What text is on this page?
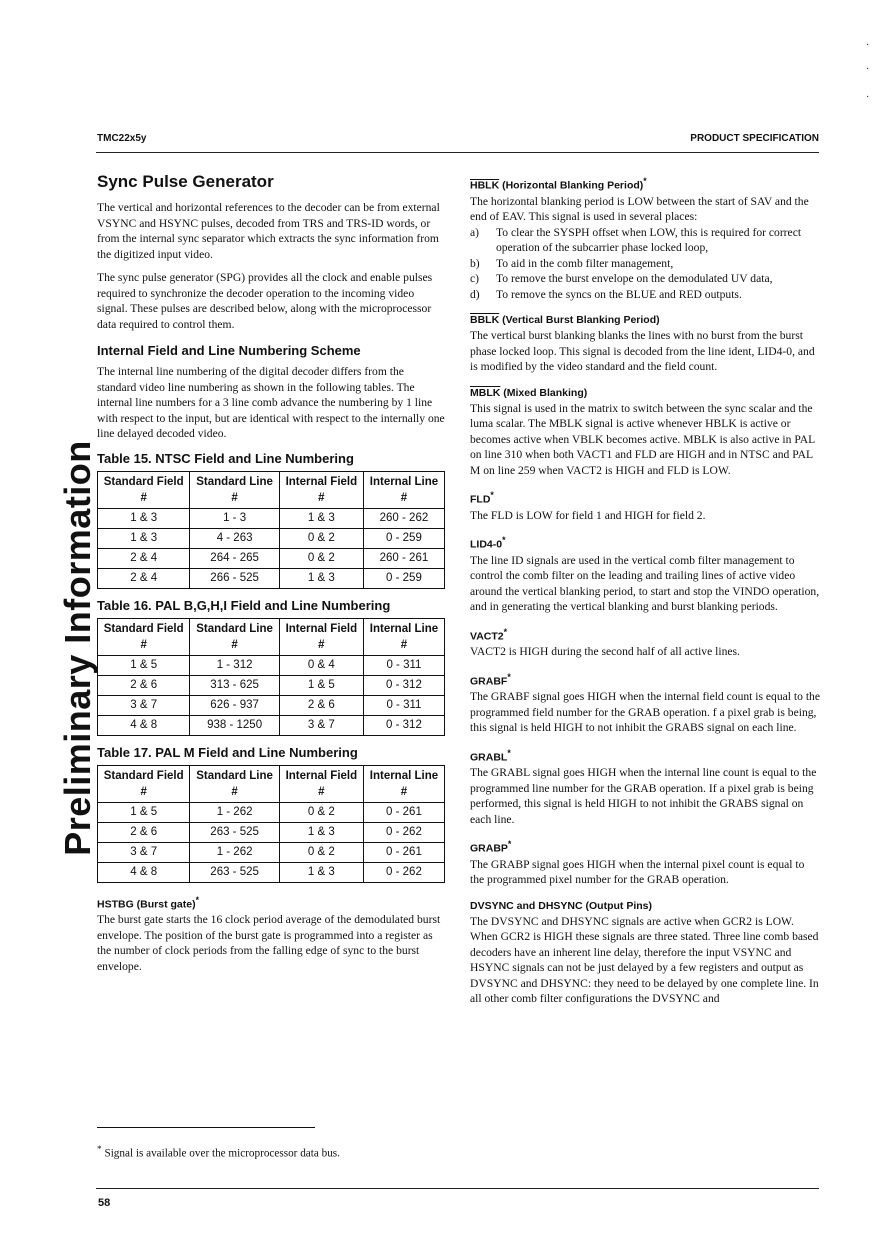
·
·
·
TMC22x5y	PRODUCT SPECIFICATION
Preliminary Information
Sync Pulse Generator

The vertical and horizontal references to the decoder can be from external VSYNC and HSYNC pulses, decoded from TRS and TRS-ID words, or from the internal sync separator which extracts the sync information from the digitized input video.

The sync pulse generator (SPG) provides all the clock and enable pulses required to synchronize the decoder operation to the incoming video signal. These pulses are described below, along with the microprocessor data required to control them.

Internal Field and Line Numbering Scheme

The internal line numbering of the digital decoder differs from the standard video line numbering as shown in the following tables. The internal line numbers for a 3 line comb advance the numbering by 1 line with respect to the input, but are identical with respect to the internally one line delayed decoded video.

Table 15. NTSC Field and Line Numbering
Standard Field #	Standard Line #	Internal Field #	Internal Line #
1 & 3	1 - 3	1 & 3	260 - 262
1 & 3	4 - 263	0 & 2	0 - 259
2 & 4	264 - 265	0 & 2	260 - 261
2 & 4	266 - 525	1 & 3	0 - 259
Table 16. PAL B,G,H,I Field and Line Numbering
Standard Field #	Standard Line #	Internal Field #	Internal Line #
1 & 5	1 - 312	0 & 4	0 - 311
2 & 6	313 - 625	1 & 5	0 - 312
3 & 7	626 - 937	2 & 6	0 - 311
4 & 8	938 - 1250	3 & 7	0 - 312
Table 17. PAL M Field and Line Numbering
Standard Field #	Standard Line #	Internal Field #	Internal Line #
1 & 5	1 - 262	0 & 2	0 - 261
2 & 6	263 - 525	1 & 3	0 - 262
3 & 7	1 - 262	0 & 2	0 - 261
4 & 8	263 - 525	1 & 3	0 - 262
HSTBG (Burst gate)*

The burst gate starts the 16 clock period average of the demodulated burst envelope. The position of the burst gate is programmed into a register as the number of clock periods from the falling edge of sync to the burst envelope.

* Signal is available over the microprocessor data bus.
HBLK (Horizontal Blanking Period)*

The horizontal blanking period is LOW between the start of SAV and the end of EAV. This signal is used in several places:

a) To clear the SYSPH offset when LOW, this is required for correct operation of the subcarrier phase locked loop,
b) To aid in the comb filter management,
c) To remove the burst envelope on the demodulated UV data,
d) To remove the syncs on the BLUE and RED outputs.
BBLK (Vertical Burst Blanking Period)

The vertical burst blanking blanks the lines with no burst from the burst phase locked loop. This signal is decoded from the line ident, LID4-0, and is modified by the video standard and the field count.

MBLK (Mixed Blanking)

This signal is used in the matrix to switch between the sync scalar and the luma scalar. The MBLK signal is active whenever HBLK is active or becomes active when VBLK becomes active. MBLK is also active in PAL on line 310 when both VACT1 and FLD are HIGH and in NTSC and PAL M on line 259 when VACT2 is HIGH and FLD is LOW.

FLD*

The FLD is LOW for field 1 and HIGH for field 2.

LID4-0*

The line ID signals are used in the vertical comb filter management to control the comb filter on the leading and trailing lines of active video around the vertical blanking period, to start and stop the VINDO operation, and in generating the vertical blanking and burst blanking periods.

VACT2*

VACT2 is HIGH during the second half of all active lines.

GRABF*

The GRABF signal goes HIGH when the internal field count is equal to the programmed field number for the GRAB operation. f a pixel grab is being, this signal is held HIGH to not inhibit the GRABS signal on each line.

GRABL*

The GRABL signal goes HIGH when the internal line count is equal to the programmed line number for the GRAB operation. If a pixel grab is being performed, this signal is held HIGH to not inhibit the GRABS signal on each line.

GRABP*

The GRABP signal goes HIGH when the internal pixel count is equal to the programmed pixel number for the GRAB operation.

DVSYNC and DHSYNC (Output Pins)

The DVSYNC and DHSYNC signals are active when GCR2 is LOW. When GCR2 is HIGH these signals are three stated. Three line comb based decoders have an inherent line delay, therefore the input VSYNC and HSYNC signals can not be just delayed by a few registers and output as DVSYNC and DHSYNC: they need to be delayed by one complete line. In all other comb filter configurations the DVSYNC and

58
